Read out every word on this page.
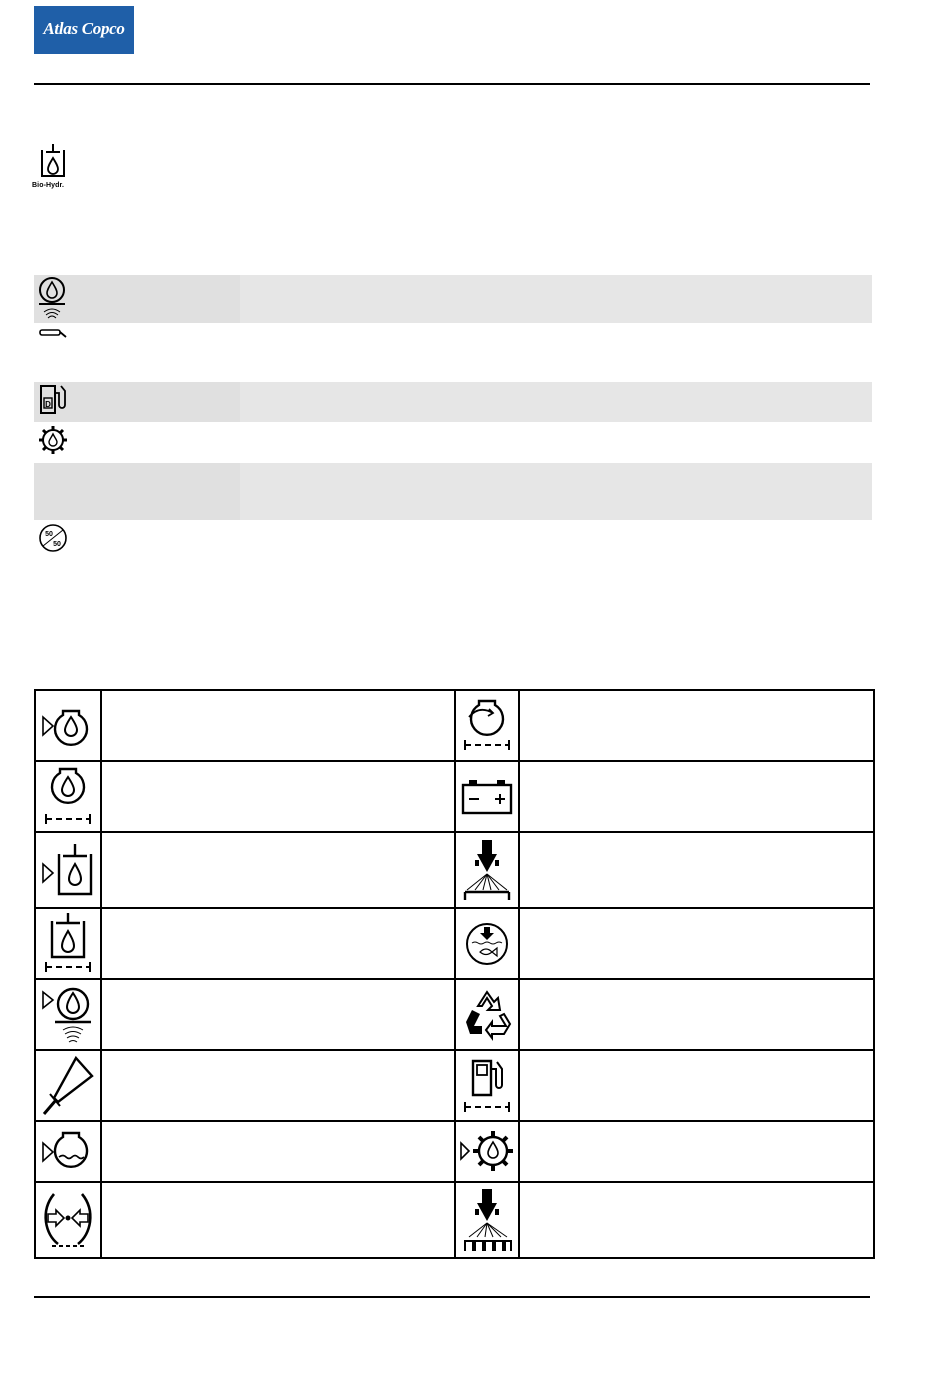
Atlas Copco
Bio-Hydr.
D
50
50
